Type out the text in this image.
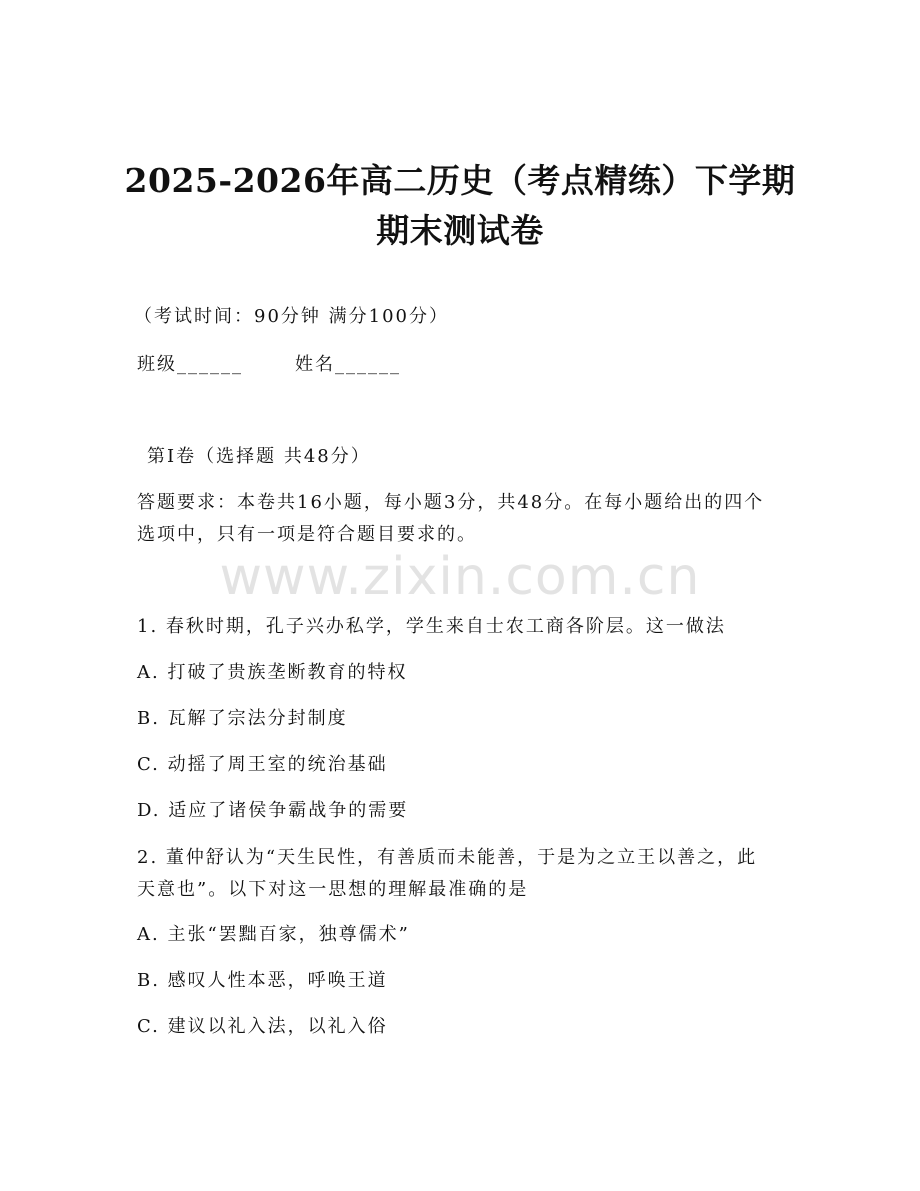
2025-2026年高二历史（考点精练）下学期
期末测试卷

（考试时间：90分钟 满分100分）

班级______	姓名______

第Ⅰ卷（选择题 共48分）

答题要求：本卷共16小题，每小题3分，共48分。在每小题给出的四个选项中，只有一项是符合题目要求的。

www.zixin.com.cn

1. 春秋时期，孔子兴办私学，学生来自士农工商各阶层。这一做法

A. 打破了贵族垄断教育的特权

B. 瓦解了宗法分封制度

C. 动摇了周王室的统治基础

D. 适应了诸侯争霸战争的需要

2. 董仲舒认为“天生民性，有善质而未能善，于是为之立王以善之，此天意也”。以下对这一思想的理解最准确的是

A. 主张“罢黜百家，独尊儒术”

B. 感叹人性本恶，呼唤王道

C. 建议以礼入法，以礼入俗
